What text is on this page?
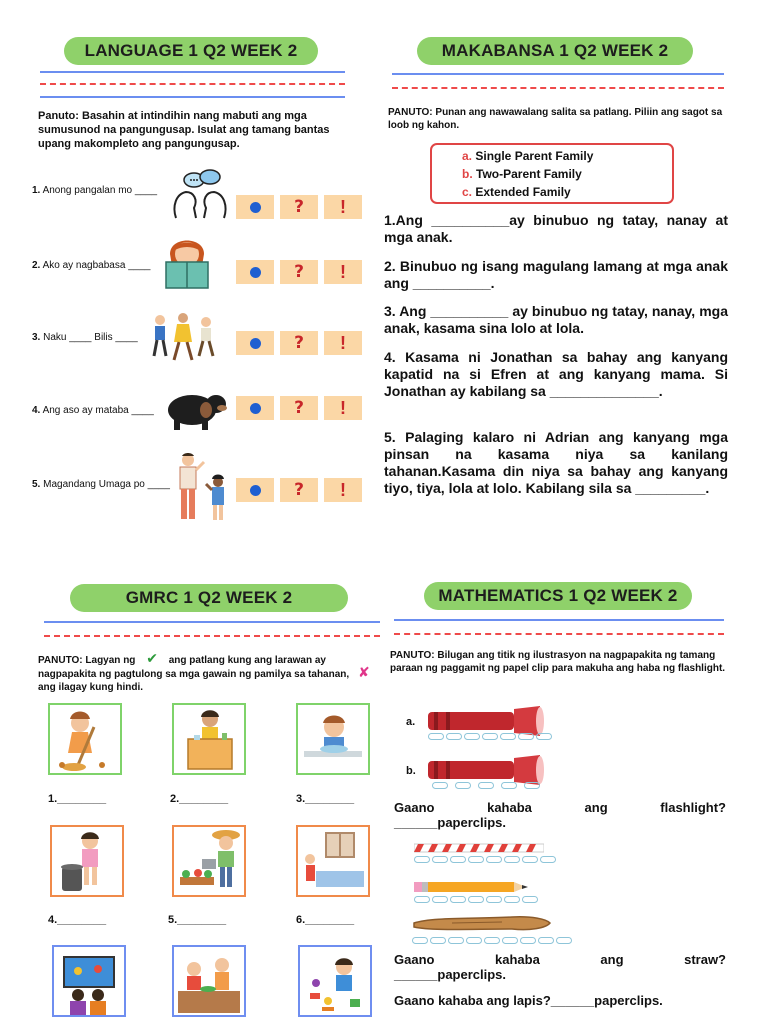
LANGUAGE 1 Q2 WEEK 2
Panuto: Basahin at intindihin nang mabuti ang mga sumusunod na pangungusap. Isulat ang tamang bantas upang makompleto ang pangungusap.
1. Anong pangalan mo ____
? !
2. Ako ay nagbabasa ____	? !
3. Naku ____ Bilis ____	? !
4. Ang aso ay mataba ____	? !
5. Magandang Umaga po ____	? !
MAKABANSA 1 Q2 WEEK 2
PANUTO: Punan ang nawawalang salita sa patlang. Piliin ang sagot sa loob ng kahon.
a. Single Parent Family
b. Two-Parent Family
c. Extended Family
1.Ang __________ay binubuo ng tatay, nanay at mga anak.
2. Binubuo ng isang magulang lamang at mga anak ang __________.
3. Ang __________ ay binubuo ng tatay, nanay, mga anak, kasama sina lolo at lola.
4. Kasama ni Jonathan sa bahay ang kanyang kapatid na si Efren at ang kanyang mama. Si Jonathan ay kabilang sa ______________.
5. Palaging kalaro ni Adrian ang kanyang mga pinsan na kasama niya sa kanilang tahanan.Kasama din niya sa bahay ang kanyang tiyo, tiya, lola at lolo. Kabilang sila sa _________.
GMRC 1 Q2 WEEK 2
PANUTO: Lagyan ng ✔ ang patlang kung ang larawan ay nagpapakita ng pagtulong sa mga gawain ng pamilya sa tahanan, ✘ ang ilagay kung hindi.
1.________	2.________	3.________
4.________	5.________	6.________
MATHEMATICS 1 Q2 WEEK 2
PANUTO: Bilugan ang titik ng ilustrasyon na nagpapakita ng tamang paraan ng paggamit ng papel clip para makuha ang haba ng flashlight.
a.
b.
Gaano	kahaba	ang	flashlight?
______paperclips.
Gaano	kahaba	ang	straw?
______paperclips.
Gaano kahaba ang lapis?______paperclips.
